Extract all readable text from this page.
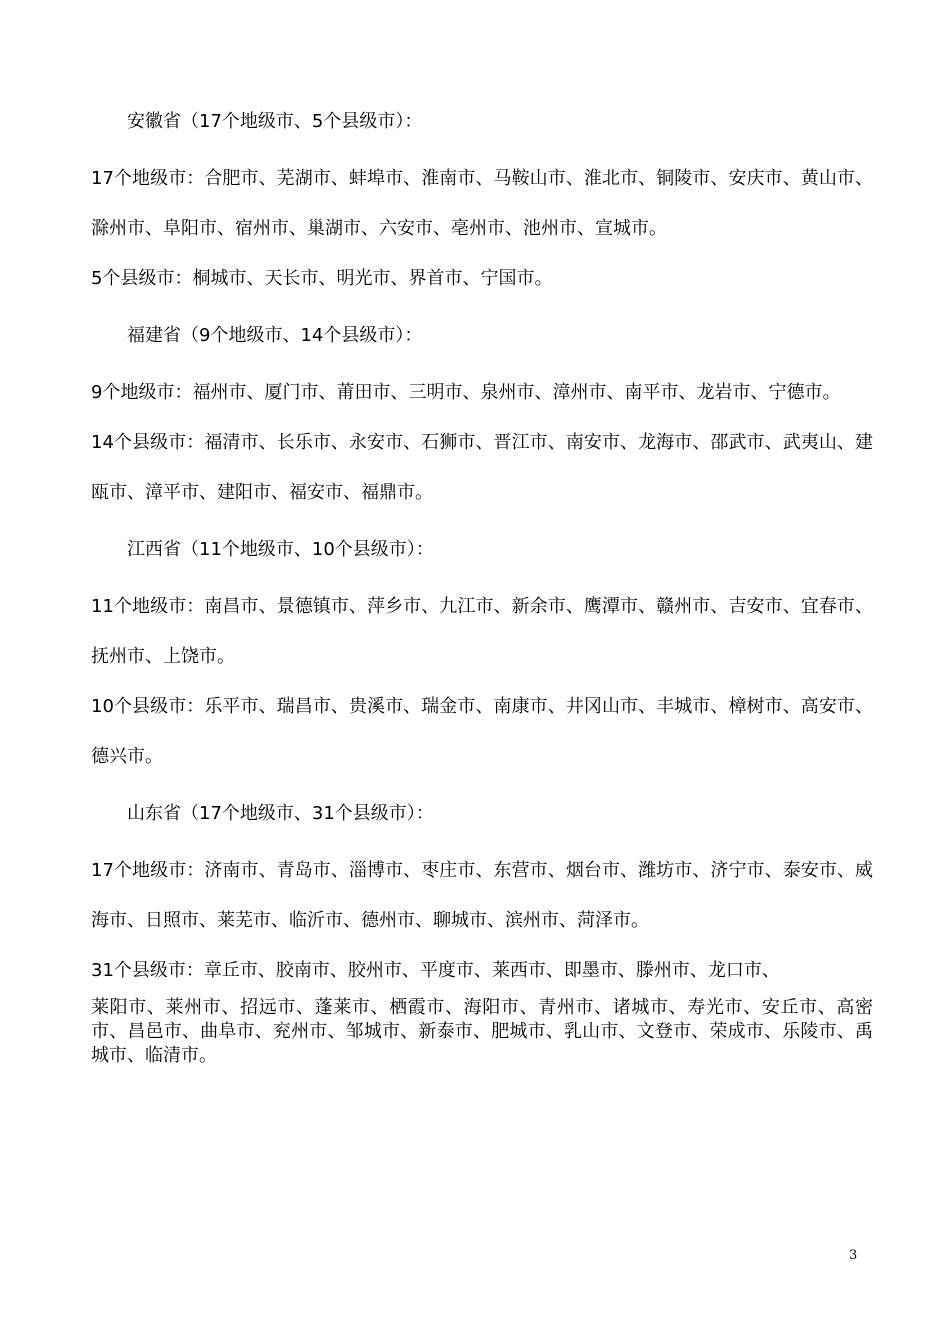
安徽省（17个地级市、5个县级市）：

17个地级市：合肥市、芜湖市、蚌埠市、淮南市、马鞍山市、淮北市、铜陵市、安庆市、黄山市、滁州市、阜阳市、宿州市、巢湖市、六安市、亳州市、池州市、宣城市。

5个县级市：桐城市、天长市、明光市、界首市、宁国市。

福建省（9个地级市、14个县级市）：

9个地级市：福州市、厦门市、莆田市、三明市、泉州市、漳州市、南平市、龙岩市、宁德市。

14个县级市：福清市、长乐市、永安市、石狮市、晋江市、南安市、龙海市、邵武市、武夷山、建瓯市、漳平市、建阳市、福安市、福鼎市。

江西省（11个地级市、10个县级市）：

11个地级市：南昌市、景德镇市、萍乡市、九江市、新余市、鹰潭市、赣州市、吉安市、宜春市、抚州市、上饶市。

10个县级市：乐平市、瑞昌市、贵溪市、瑞金市、南康市、井冈山市、丰城市、樟树市、高安市、德兴市。

山东省（17个地级市、31个县级市）：

17个地级市：济南市、青岛市、淄博市、枣庄市、东营市、烟台市、潍坊市、济宁市、泰安市、威海市、日照市、莱芜市、临沂市、德州市、聊城市、滨州市、菏泽市。

31个县级市：章丘市、胶南市、胶州市、平度市、莱西市、即墨市、滕州市、龙口市、
莱阳市、莱州市、招远市、蓬莱市、栖霞市、海阳市、青州市、诸城市、寿光市、安丘市、高密市、昌邑市、曲阜市、兖州市、邹城市、新泰市、肥城市、乳山市、文登市、荣成市、乐陵市、禹城市、临清市。

3
